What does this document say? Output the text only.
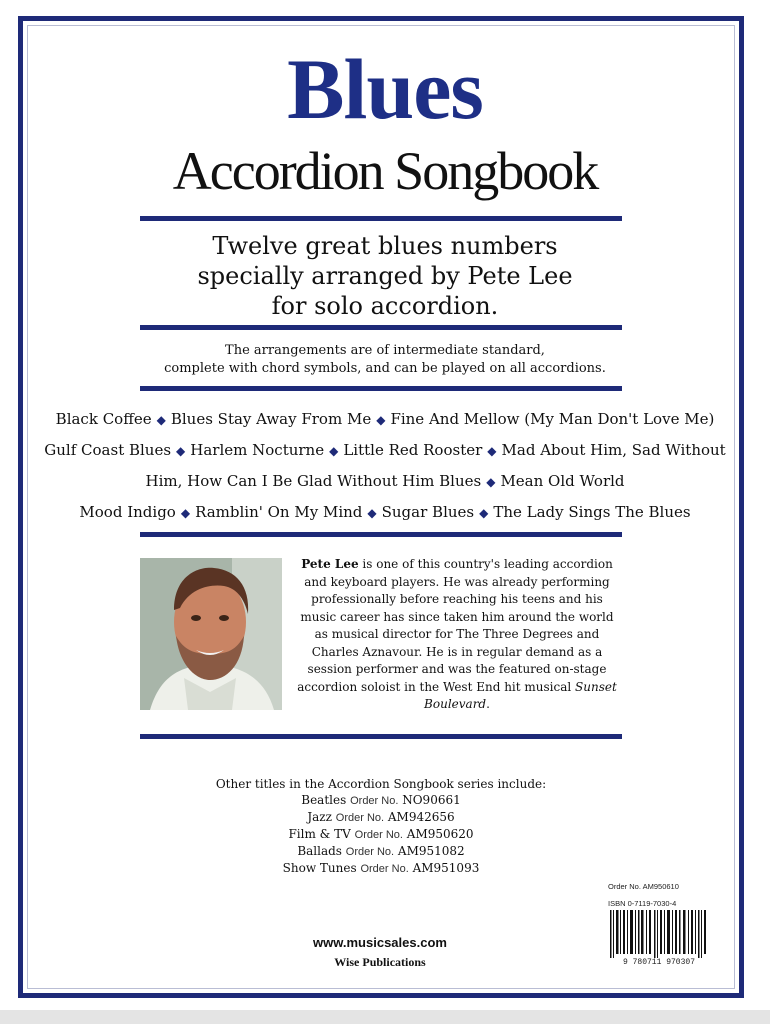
Blues
Accordion Songbook
Twelve great blues numbers
specially arranged by Pete Lee
for solo accordion.
The arrangements are of intermediate standard,
complete with chord symbols, and can be played on all accordions.
Black Coffee ◆ Blues Stay Away From Me ◆ Fine And Mellow (My Man Don't Love Me)
Gulf Coast Blues ◆ Harlem Nocturne ◆ Little Red Rooster ◆ Mad About Him, Sad Without Him, How Can I Be Glad Without Him Blues ◆ Mean Old World
Mood Indigo ◆ Ramblin' On My Mind ◆ Sugar Blues ◆ The Lady Sings The Blues
Pete Lee is one of this country's leading accordion and keyboard players. He was already performing professionally before reaching his teens and his music career has since taken him around the world as musical director for The Three Degrees and Charles Aznavour. He is in regular demand as a session performer and was the featured on-stage accordion soloist in the West End hit musical Sunset Boulevard.
Other titles in the Accordion Songbook series include:
Beatles Order No. NO90661
Jazz Order No. AM942656
Film & TV Order No. AM950620
Ballads Order No. AM951082
Show Tunes Order No. AM951093
Order No. AM950610
ISBN 0-7119-7030-4
9 780711 970307
www.musicsales.com
Wise Publications
